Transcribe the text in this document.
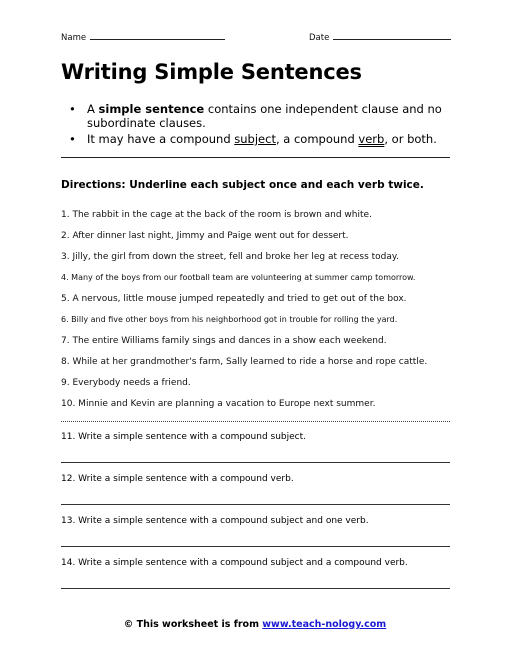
Name	Date
Writing Simple Sentences
• A simple sentence contains one independent clause and no subordinate clauses.
• It may have a compound subject, a compound verb, or both.
Directions: Underline each subject once and each verb twice.
1. The rabbit in the cage at the back of the room is brown and white.
2. After dinner last night, Jimmy and Paige went out for dessert.
3. Jilly, the girl from down the street, fell and broke her leg at recess today.
4. Many of the boys from our football team are volunteering at summer camp tomorrow.
5. A nervous, little mouse jumped repeatedly and tried to get out of the box.
6. Billy and five other boys from his neighborhood got in trouble for rolling the yard.
7. The entire Williams family sings and dances in a show each weekend.
8. While at her grandmother's farm, Sally learned to ride a horse and rope cattle.
9. Everybody needs a friend.
10. Minnie and Kevin are planning a vacation to Europe next summer.
11. Write a simple sentence with a compound subject.
12. Write a simple sentence with a compound verb.
13. Write a simple sentence with a compound subject and one verb.
14. Write a simple sentence with a compound subject and a compound verb.
© This worksheet is from www.teach-nology.com
